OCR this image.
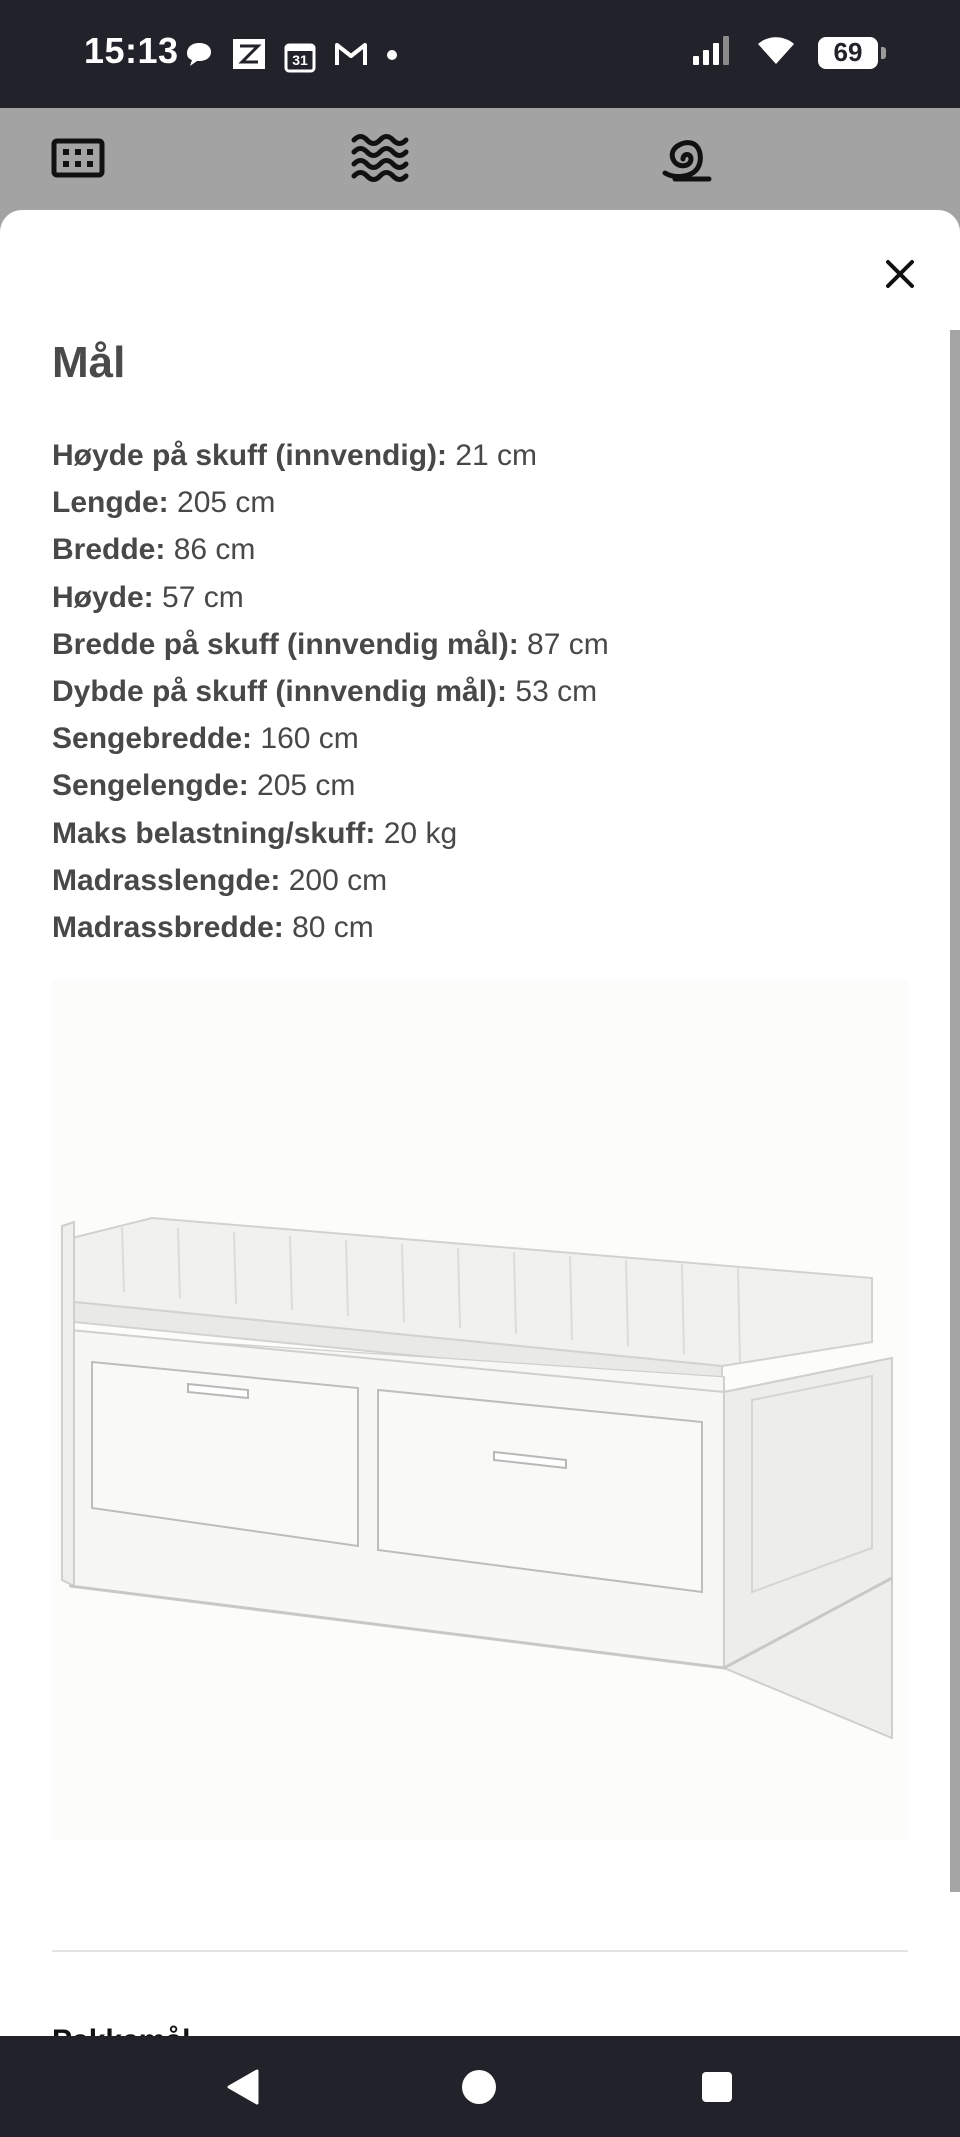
15:13	31	69
Mål
Høyde på skuff (innvendig): 21 cm
Lengde: 205 cm
Bredde: 86 cm
Høyde: 57 cm
Bredde på skuff (innvendig mål): 87 cm
Dybde på skuff (innvendig mål): 53 cm
Sengebredde: 160 cm
Sengelengde: 205 cm
Maks belastning/skuff: 20 kg
Madrasslengde: 200 cm
Madrassbredde: 80 cm
